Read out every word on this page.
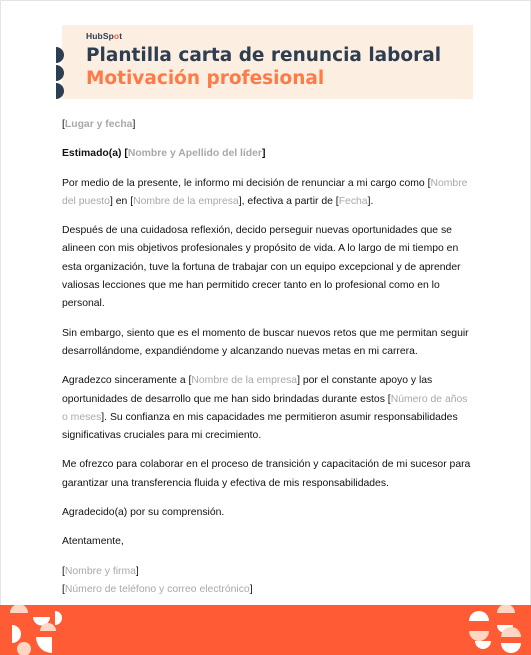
HubSpot
Plantilla carta de renuncia laboral
Motivación profesional

[Lugar y fecha]

Estimado(a) [Nombre y Apellido del líder]

Por medio de la presente, le informo mi decisión de renunciar a mi cargo como [Nombre del puesto] en [Nombre de la empresa], efectiva a partir de [Fecha].

Después de una cuidadosa reflexión, decido perseguir nuevas oportunidades que se alineen con mis objetivos profesionales y propósito de vida. A lo largo de mi tiempo en esta organización, tuve la fortuna de trabajar con un equipo excepcional y de aprender valiosas lecciones que me han permitido crecer tanto en lo profesional como en lo personal.

Sin embargo, siento que es el momento de buscar nuevos retos que me permitan seguir desarrollándome, expandiéndome y alcanzando nuevas metas en mi carrera.

Agradezco sinceramente a [Nombre de la empresa] por el constante apoyo y las oportunidades de desarrollo que me han sido brindadas durante estos [Número de años o meses]. Su confianza en mis capacidades me permitieron asumir responsabilidades significativas cruciales para mi crecimiento.

Me ofrezco para colaborar en el proceso de transición y capacitación de mi sucesor para garantizar una transferencia fluida y efectiva de mis responsabilidades.

Agradecido(a) por su comprensión.

Atentamente,

[Nombre y firma]

[Número de teléfono y correo electrónico]
